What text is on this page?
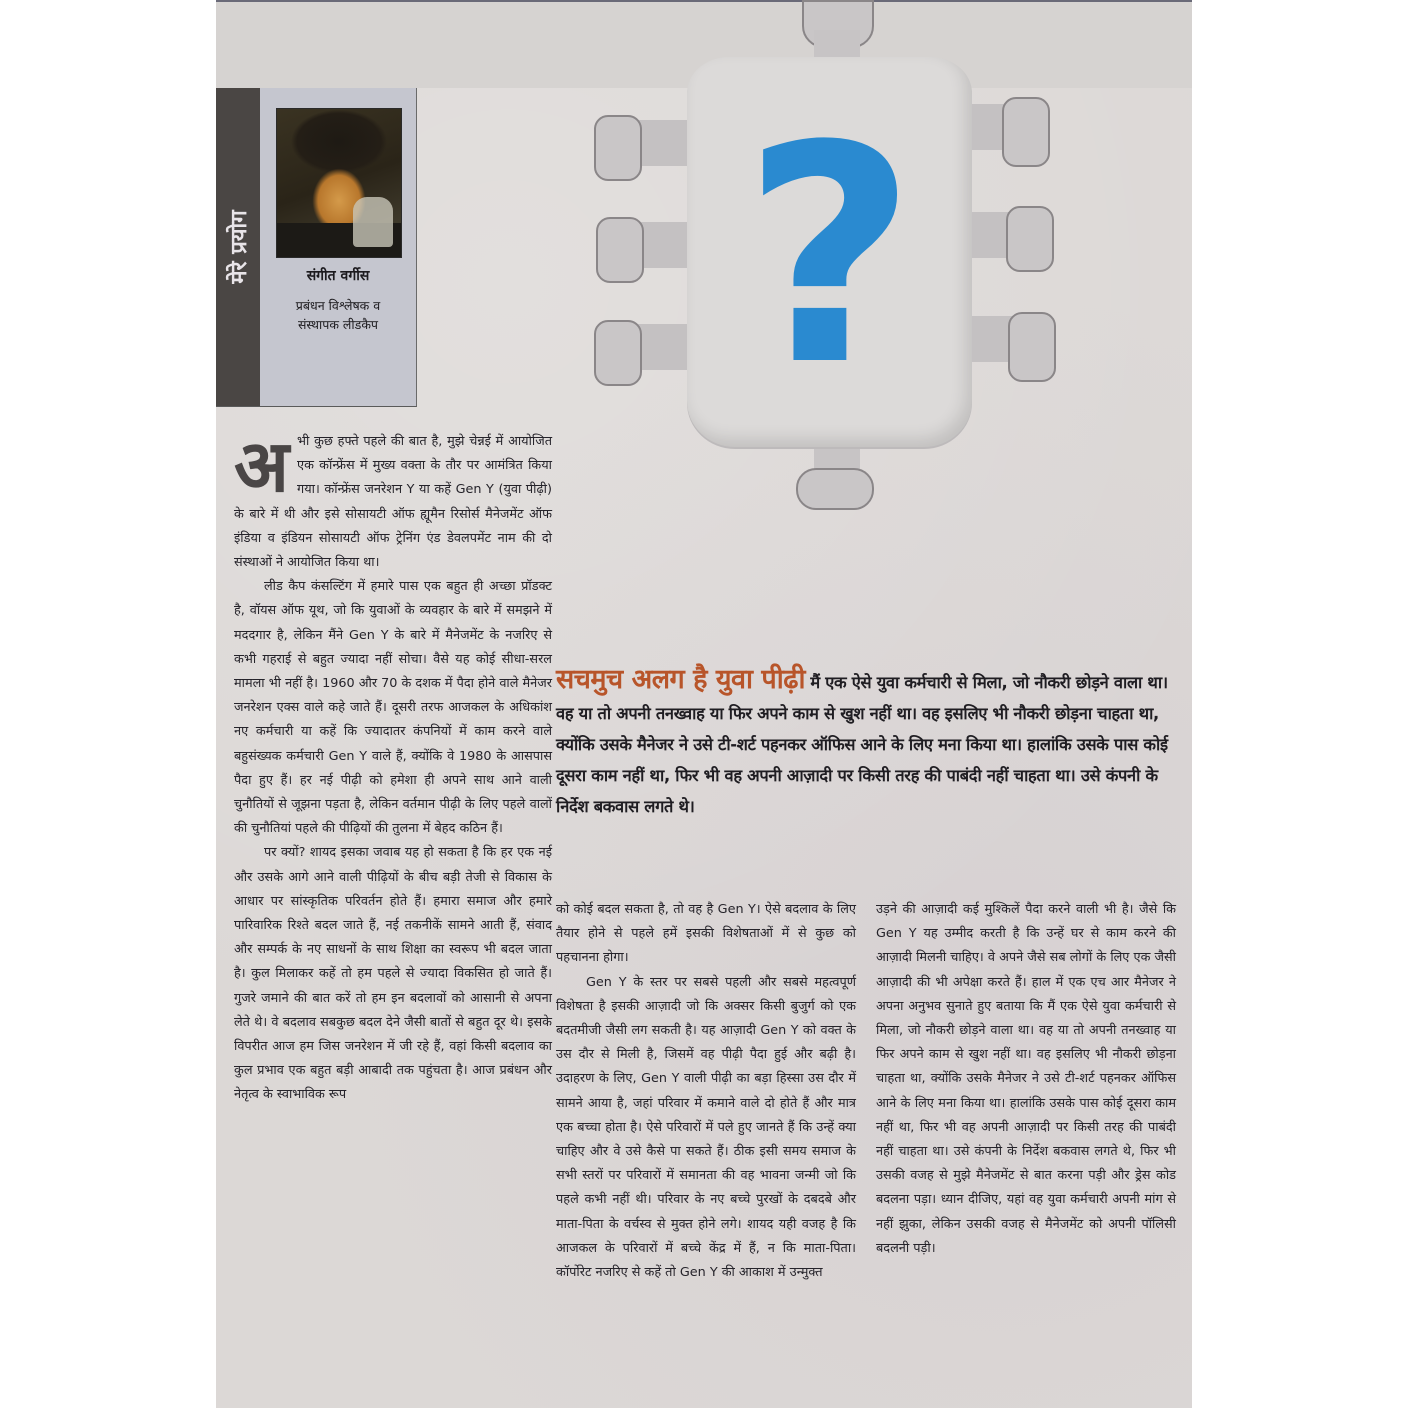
मेरे प्रयोग	संगीत वर्गीस
प्रबंधन विश्लेषक व
संस्थापक लीडकैप ?
सचमुच अलग है युवा पीढ़ी मैं एक ऐसे युवा कर्मचारी से मिला, जो नौकरी छोड़ने वाला था। वह या तो अपनी तनख्वाह या फिर अपने काम से खुश नहीं था। वह इसलिए भी नौकरी छोड़ना चाहता था, क्योंकि उसके मैनेजर ने उसे टी-शर्ट पहनकर ऑफिस आने के लिए मना किया था। हालांकि उसके पास कोई दूसरा काम नहीं था, फिर भी वह अपनी आज़ादी पर किसी तरह की पाबंदी नहीं चाहता था। उसे कंपनी के निर्देश बकवास लगते थे।

अभी कुछ हफ्ते पहले की बात है, मुझे चेन्नई में आयोजित एक कॉन्फ्रेंस में मुख्य वक्ता के तौर पर आमंत्रित किया गया। कॉन्फ्रेंस जनरेशन Y या कहें Gen Y (युवा पीढ़ी) के बारे में थी और इसे सोसायटी ऑफ ह्यूमैन रिसोर्स मैनेजमेंट ऑफ इंडिया व इंडियन सोसायटी ऑफ ट्रेनिंग एंड डेवलपमेंट नाम की दो संस्थाओं ने आयोजित किया था।

लीड कैप कंसल्टिंग में हमारे पास एक बहुत ही अच्छा प्रॉडक्ट है, वॉयस ऑफ यूथ, जो कि युवाओं के व्यवहार के बारे में समझने में मददगार है, लेकिन मैंने Gen Y के बारे में मैनेजमेंट के नजरिए से कभी गहराई से बहुत ज्यादा नहीं सोचा। वैसे यह कोई सीधा-सरल मामला भी नहीं है। 1960 और 70 के दशक में पैदा होने वाले मैनेजर जनरेशन एक्स वाले कहे जाते हैं। दूसरी तरफ आजकल के अधिकांश नए कर्मचारी या कहें कि ज्यादातर कंपनियों में काम करने वाले बहुसंख्यक कर्मचारी Gen Y वाले हैं, क्योंकि वे 1980 के आसपास पैदा हुए हैं। हर नई पीढ़ी को हमेशा ही अपने साथ आने वाली चुनौतियों से जूझना पड़ता है, लेकिन वर्तमान पीढ़ी के लिए पहले वालों की चुनौतियां पहले की पीढ़ियों की तुलना में बेहद कठिन हैं।

पर क्यों? शायद इसका जवाब यह हो सकता है कि हर एक नई और उसके आगे आने वाली पीढ़ियों के बीच बड़ी तेजी से विकास के आधार पर सांस्कृतिक परिवर्तन होते हैं। हमारा समाज और हमारे पारिवारिक रिश्ते बदल जाते हैं, नई तकनीकें सामने आती हैं, संवाद और सम्पर्क के नए साधनों के साथ शिक्षा का स्वरूप भी बदल जाता है। कुल मिलाकर कहें तो हम पहले से ज्यादा विकसित हो जाते हैं। गुजरे जमाने की बात करें तो हम इन बदलावों को आसानी से अपना लेते थे। वे बदलाव सबकुछ बदल देने जैसी बातों से बहुत दूर थे। इसके विपरीत आज हम जिस जनरेशन में जी रहे हैं, वहां किसी बदलाव का कुल प्रभाव एक बहुत बड़ी आबादी तक पहुंचता है। आज प्रबंधन और नेतृत्व के स्वाभाविक रूप

को कोई बदल सकता है, तो वह है Gen Y। ऐसे बदलाव के लिए तैयार होने से पहले हमें इसकी विशेषताओं में से कुछ को पहचानना होगा।

Gen Y के स्तर पर सबसे पहली और सबसे महत्वपूर्ण विशेषता है इसकी आज़ादी जो कि अक्सर किसी बुजुर्ग को एक बदतमीजी जैसी लग सकती है। यह आज़ादी Gen Y को वक्त के उस दौर से मिली है, जिसमें वह पीढ़ी पैदा हुई और बढ़ी है। उदाहरण के लिए, Gen Y वाली पीढ़ी का बड़ा हिस्सा उस दौर में सामने आया है, जहां परिवार में कमाने वाले दो होते हैं और मात्र एक बच्चा होता है। ऐसे परिवारों में पले हुए जानते हैं कि उन्हें क्या चाहिए और वे उसे कैसे पा सकते हैं। ठीक इसी समय समाज के सभी स्तरों पर परिवारों में समानता की वह भावना जन्मी जो कि पहले कभी नहीं थी। परिवार के नए बच्चे पुरखों के दबदबे और माता-पिता के वर्चस्व से मुक्त होने लगे। शायद यही वजह है कि आजकल के परिवारों में बच्चे केंद्र में हैं, न कि माता-पिता। कॉर्पोरेट नजरिए से कहें तो Gen Y की आकाश में उन्मुक्त

उड़ने की आज़ादी कई मुश्किलें पैदा करने वाली भी है। जैसे कि Gen Y यह उम्मीद करती है कि उन्हें घर से काम करने की आज़ादी मिलनी चाहिए। वे अपने जैसे सब लोगों के लिए एक जैसी आज़ादी की भी अपेक्षा करते हैं। हाल में एक एच आर मैनेजर ने अपना अनुभव सुनाते हुए बताया कि मैं एक ऐसे युवा कर्मचारी से मिला, जो नौकरी छोड़ने वाला था। वह या तो अपनी तनख्वाह या फिर अपने काम से खुश नहीं था। वह इसलिए भी नौकरी छोड़ना चाहता था, क्योंकि उसके मैनेजर ने उसे टी-शर्ट पहनकर ऑफिस आने के लिए मना किया था। हालांकि उसके पास कोई दूसरा काम नहीं था, फिर भी वह अपनी आज़ादी पर किसी तरह की पाबंदी नहीं चाहता था। उसे कंपनी के निर्देश बकवास लगते थे, फिर भी उसकी वजह से मुझे मैनेजमेंट से बात करना पड़ी और ड्रेस कोड बदलना पड़ा। ध्यान दीजिए, यहां वह युवा कर्मचारी अपनी मांग से नहीं झुका, लेकिन उसकी वजह से मैनेजमेंट को अपनी पॉलिसी बदलनी पड़ी।
